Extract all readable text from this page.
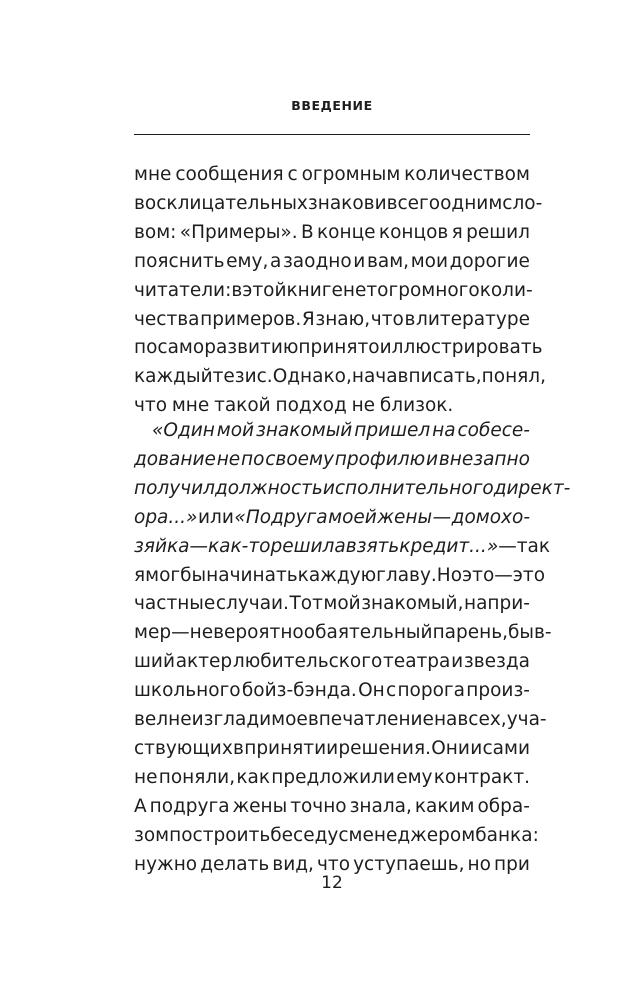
ВВЕДЕНИЕ
мне сообщения с огромным количеством
восклицательных знаков и всего одним сло-
вом: «Примеры». В конце концов я решил
пояснить ему, а заодно и вам, мои дорогие
читатели: в этой книге нет огромного коли-
чества примеров. Я знаю, что в литературе
по саморазвитию принято иллюстрировать
каждый тезис. Однако, начав писать, понял,
что мне такой подход не близок.
«Один мой знакомый пришел на собесе-
дование не по своему профилю и внезапно
получил должность исполнительного директ-
ора...» или «Подруга моей жены — домохо-
зяйка — как-то решила взять кредит...» — так
я мог бы начинать каждую главу. Но это — это
частные случаи. Тот мой знакомый, напри-
мер — невероятно обаятельный парень, быв-
ший актер любительского театра и звезда
школьного бойз-бэнда. Он с порога произ-
вел неизгладимое впечатление на всех, уча-
ствующих в принятии решения. Они и сами
не поняли, как предложили ему контракт.
А подруга жены точно знала, каким обра-
зом построить беседу с менеджером банка:
нужно делать вид, что уступаешь, но при
12
